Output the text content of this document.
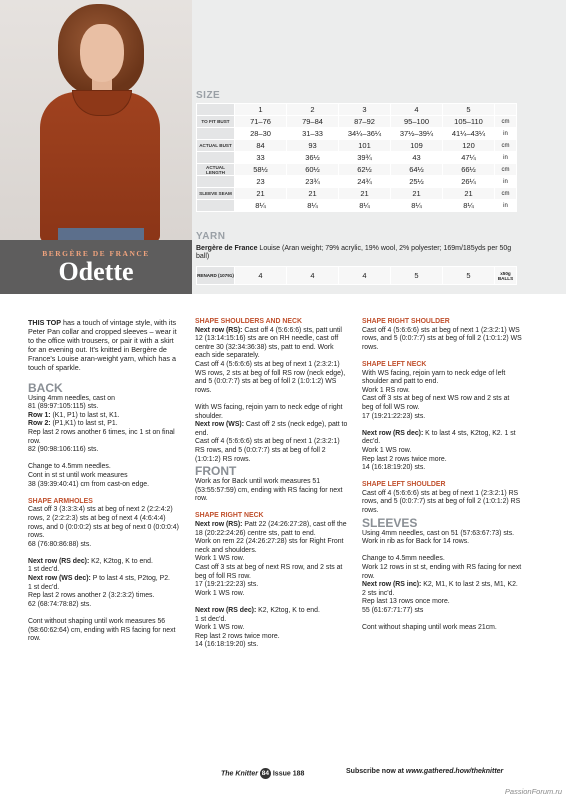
BERGÈRE DE FRANCE
Odette
SIZE
	1	2	3	4	5	
TO FIT BUST	71–76	79–84	87–92	95–100	105–110	cm
	28–30	31–33	34¼–36¼	37½–39¼	41¼–43¼	in
ACTUAL BUST	84	93	101	109	120	cm
	33	36½	39¾	43	47¼	in
ACTUAL LENGTH	58½	60½	62½	64½	66½	cm
	23	23¾	24¾	25½	26¼	in
SLEEVE SEAM	21	21	21	21	21	cm
	8¼	8¼	8¼	8¼	8¼	in
YARN
Bergère de France Louise (Aran weight; 79% acrylic, 19% wool, 2% polyester; 169m/185yds per 50g ball)
RENARD (10791)	4	4	4	5	5	x50g BALLS

THIS TOP has a touch of vintage style, with its Peter Pan collar and cropped sleeves – wear it to the office with trousers, or pair it with a skirt for an evening out. It's knitted in Bergère de France's Louise aran-weight yarn, which has a touch of sparkle.

BACK

Using 4mm needles, cast on

81 (89:97:105:115) sts.

Row 1: (K1, P1) to last st, K1.

Row 2: (P1,K1) to last st, P1.

Rep last 2 rows another 6 times, inc 1 st on final row.

82 (90:98:106:116) sts.

Change to 4.5mm needles.

Cont in st st until work measures

38 (39:39:40:41) cm from cast-on edge.

SHAPE ARMHOLES

Cast off 3 (3:3:3:4) sts at beg of next 2 (2:2:4:2) rows, 2 (2:2:2:3) sts at beg of next 4 (4:6:4:4) rows, and 0 (0:0:0:2) sts at beg of next 0 (0:0:0:4) rows.

68 (76:80:86:88) sts.

Next row (RS dec): K2, K2tog, K to end.

1 st dec'd.

Next row (WS dec): P to last 4 sts, P2tog, P2.

1 st dec'd.

Rep last 2 rows another 2 (3:2:3:2) times.

62 (68:74:78:82) sts.

Cont without shaping until work measures 56 (58:60:62:64) cm, ending with RS facing for next row.

SHAPE SHOULDERS AND NECK

Next row (RS): Cast off 4 (5:6:6:6) sts, patt until 12 (13:14:15:16) sts are on RH needle, cast off centre 30 (32:34:36:38) sts, patt to end. Work each side separately.

Cast off 4 (5:6:6:6) sts at beg of next 1 (2:3:2:1) WS rows, 2 sts at beg of foll RS row (neck edge), and 5 (0:0:7:7) sts at beg of foll 2 (1:0:1:2) WS rows.

With WS facing, rejoin yarn to neck edge of right shoulder.

Next row (WS): Cast off 2 sts (neck edge), patt to end.

Cast off 4 (5:6:6:6) sts at beg of next 1 (2:3:2:1) RS rows, and 5 (0:0:7:7) sts at beg of foll 2 (1:0:1:2) RS rows.

FRONT

Work as for Back until work measures 51 (53:55:57:59) cm, ending with RS facing for next row.

SHAPE RIGHT NECK

Next row (RS): Patt 22 (24:26:27:28), cast off the 18 (20:22:24:26) centre sts, patt to end.

Work on rem 22 (24:26:27:28) sts for Right Front neck and shoulders.

Work 1 WS row.

Cast off 3 sts at beg of next RS row, and 2 sts at beg of foll RS row.

17 (19:21:22:23) sts.

Work 1 WS row.

Next row (RS dec): K2, K2tog, K to end.

1 st dec'd.

Work 1 WS row.

Rep last 2 rows twice more.

14 (16:18:19:20) sts.

SHAPE RIGHT SHOULDER

Cast off 4 (5:6:6:6) sts at beg of next 1 (2:3:2:1) WS rows, and 5 (0:0:7:7) sts at beg of foll 2 (1:0:1:2) WS rows.

SHAPE LEFT NECK

With WS facing, rejoin yarn to neck edge of left shoulder and patt to end.

Work 1 RS row.

Cast off 3 sts at beg of next WS row and 2 sts at beg of foll WS row.

17 (19:21:22:23) sts.

Next row (RS dec): K to last 4 sts, K2tog, K2. 1 st dec'd.

Work 1 WS row.

Rep last 2 rows twice more.

14 (16:18:19:20) sts.

SHAPE LEFT SHOULDER

Cast off 4 (5:6:6:6) sts at beg of next 1 (2:3:2:1) RS rows, and 5 (0:0:7:7) sts at beg of foll 2 (1:0:1:2) RS rows.

SLEEVES

Using 4mm needles, cast on 51 (57:63:67:73) sts.

Work in rib as for Back for 14 rows.

Change to 4.5mm needles.

Work 12 rows in st st, ending with RS facing for next row.

Next row (RS inc): K2, M1, K to last 2 sts, M1, K2. 2 sts inc'd.

Rep last 13 rows once more.

55 (61:67:71:77) sts

Cont without shaping until work meas 21cm.

The Knitter 84 Issue 188	Subscribe now at www.gathered.how/theknitter
PassionForum.ru
